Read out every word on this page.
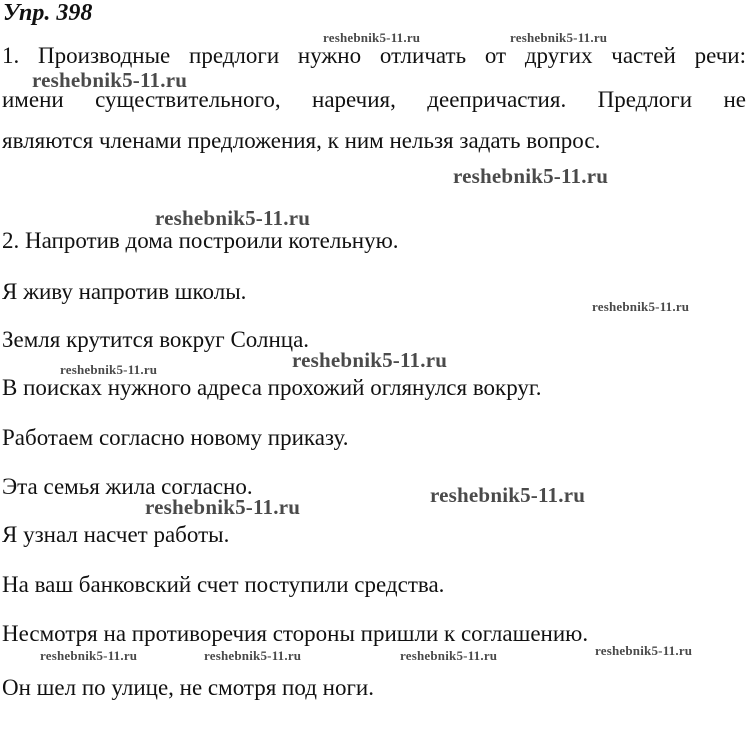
Упр. 398
1. Производные предлоги нужно отличать от других частей речи:
имени существительного, наречия, деепричастия. Предлоги не
являются членами предложения, к ним нельзя задать вопрос.
2. Напротив дома построили котельную.
Я живу напротив школы.
Земля крутится вокруг Солнца.
В поисках нужного адреса прохожий оглянулся вокруг.
Работаем согласно новому приказу.
Эта семья жила согласно.
Я узнал насчет работы.
На ваш банковский счет поступили средства.
Несмотря на противоречия стороны пришли к соглашению.
Он шел по улице, не смотря под ноги.
reshebnik5-11.ru	reshebnik5-11.ru
reshebnik5-11.ru
reshebnik5-11.ru
reshebnik5-11.ru
reshebnik5-11.ru
reshebnik5-11.ru
reshebnik5-11.ru
reshebnik5-11.ru
reshebnik5-11.ru
reshebnik5-11.ru	reshebnik5-11.ru	reshebnik5-11.ru	reshebnik5-11.ru
